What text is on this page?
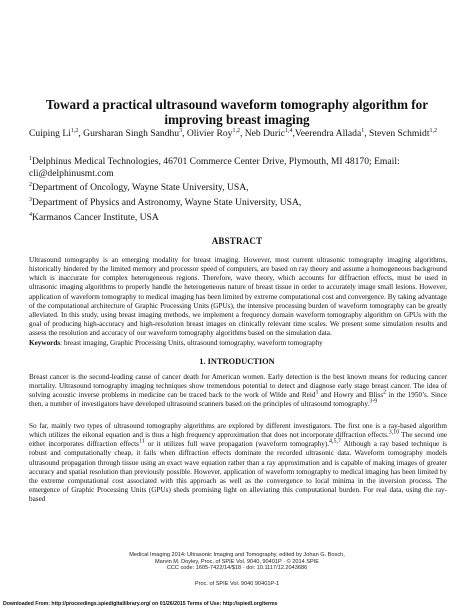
Toward a practical ultrasound waveform tomography algorithm for improving breast imaging

Cuiping Li$^{1,2}$, Gursharan Singh Sandhu$^3$, Olivier Roy$^{1,2}$, Neb Duric$^{1,4}$,Veerendra Allada$^1$, Steven Schmidt$^{1,2}$

$^1$Delphinus Medical Technologies, 46701 Commerce Center Drive, Plymouth, MI 48170; Email: cli@delphinusmt.com

$^2$Department of Oncology, Wayne State University, USA,

$^3$Department of Physics and Astronomy, Wayne State University, USA,

$^4$Karmanos Cancer Institute, USA

ABSTRACT

Ultrasound tomography is an emerging modality for breast imaging. However, most current ultrasonic tomography imaging algorithms, historically hindered by the limited memory and processor speed of computers, are based on ray theory and assume a homogeneous background which is inaccurate for complex heterogeneous regions. Therefore, wave theory, which accounts for diffraction effects, must be used in ultrasonic imaging algorithms to properly handle the heterogeneous nature of breast tissue in order to accurately image small lesions. However, application of waveform tomography to medical imaging has been limited by extreme computational cost and convergence. By taking advantage of the computational architecture of Graphic Processing Units (GPUs), the intensive processing burden of waveform tomography can be greatly alleviated. In this study, using breast imaging methods, we implement a frequency domain waveform tomography algorithm on GPUs with the goal of producing high-accuracy and high-resolution breast images on clinically relevant time scales. We present some simulation results and assess the resolution and accuracy of our waveform tomography algorithms based on the simulation data.

Keywords: breast imaging, Graphic Processing Units, ultrasound tomography, waveform tomography

1. INTRODUCTION

Breast cancer is the second-leading cause of cancer death for American women. Early detection is the best known means for reducing cancer mortality. Ultrasound tomography imaging techniques show tremendous potential to detect and diagnose early stage breast cancer. The idea of solving acoustic inverse problems in medicine can be traced back to the work of Wilde and Reid$^1$ and Howry and Bliss$^2$ in the 1950’s. Since then, a number of investigators have developed ultrasound scanners based on the principles of ultrasound tomography.$^{3-9}$

So far, mainly two types of ultrasound tomography algorithms are explored by different investigators. The first one is a ray-based algorithm which utilizes the eikonal equation and is thus a high frequency approximation that does not incorporate diffraction effects.$^{3,10}$ The second one either incorporates diffraction effects$^{11}$ or it utilizes full wave propagation (waveform tomography).$^{4,5,7}$ Although a ray based technique is robust and computationally cheap, it fails when diffraction effects dominate the recorded ultrasonic data. Waveform tomography models ultrasound propagation through tissue using an exact wave equation rather than a ray approximation and is capable of making images of greater accuracy and spatial resolution than previously possible. However, application of waveform tomography to medical imaging has been limited by the extreme computational cost associated with this approach as well as the convergence to local minima in the inversion process. The emergence of Graphic Processing Units (GPUs) sheds promising light on alleviating this computational burden. For real data, using the ray-based

Medical Imaging 2014: Ultrasonic Imaging and Tomography, edited by Johan G. Bosch,
Marvin M. Doyley, Proc. of SPIE Vol. 9040, 90401P · © 2014 SPIE
CCC code: 1605-7422/14/$18 · doi: 10.1117/12.2043686
Proc. of SPIE Vol. 9040 90401P-1
Downloaded From: http://proceedings.spiedigitallibrary.org/ on 01/26/2015 Terms of Use: http://spiedl.org/terms
